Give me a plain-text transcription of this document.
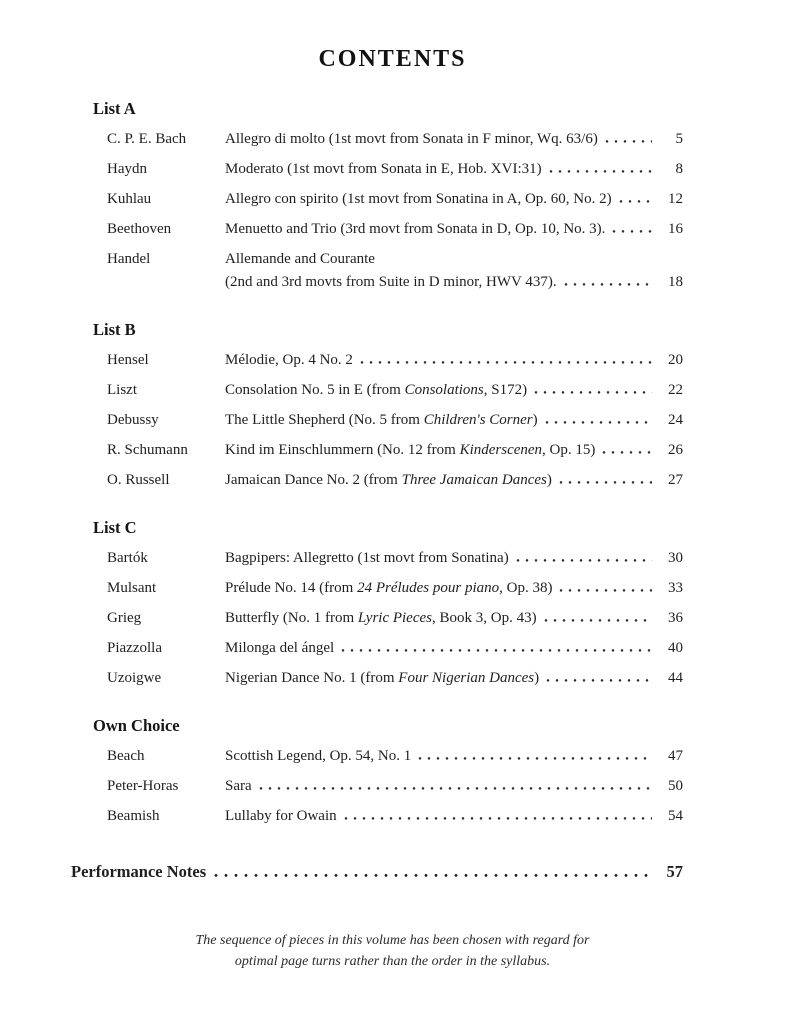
CONTENTS
List A
C. P. E. Bach	Allegro di molto (1st movt from Sonata in F minor, Wq. 63/6)	5
Haydn	Moderato (1st movt from Sonata in E, Hob. XVI:31)	8
Kuhlau	Allegro con spirito (1st movt from Sonatina in A, Op. 60, No. 2)	12
Beethoven	Menuetto and Trio (3rd movt from Sonata in D, Op. 10, No. 3).	16
Handel	Allemande and Courante
(2nd and 3rd movts from Suite in D minor, HWV 437).	18
List B
Hensel	Mélodie, Op. 4 No. 2	20
Liszt	Consolation No. 5 in E (from Consolations, S172)	22
Debussy	The Little Shepherd (No. 5 from Children's Corner)	24
R. Schumann	Kind im Einschlummern (No. 12 from Kinderscenen, Op. 15)	26
O. Russell	Jamaican Dance No. 2 (from Three Jamaican Dances)	27
List C
Bartók	Bagpipers: Allegretto (1st movt from Sonatina)	30
Mulsant	Prélude No. 14 (from 24 Préludes pour piano, Op. 38)	33
Grieg	Butterfly (No. 1 from Lyric Pieces, Book 3, Op. 43)	36
Piazzolla	Milonga del ángel	40
Uzoigwe	Nigerian Dance No. 1 (from Four Nigerian Dances)	44
Own Choice
Beach	Scottish Legend, Op. 54, No. 1	47
Peter-Horas	Sara	50
Beamish	Lullaby for Owain	54
Performance Notes	57
The sequence of pieces in this volume has been chosen with regard for
optimal page turns rather than the order in the syllabus.
